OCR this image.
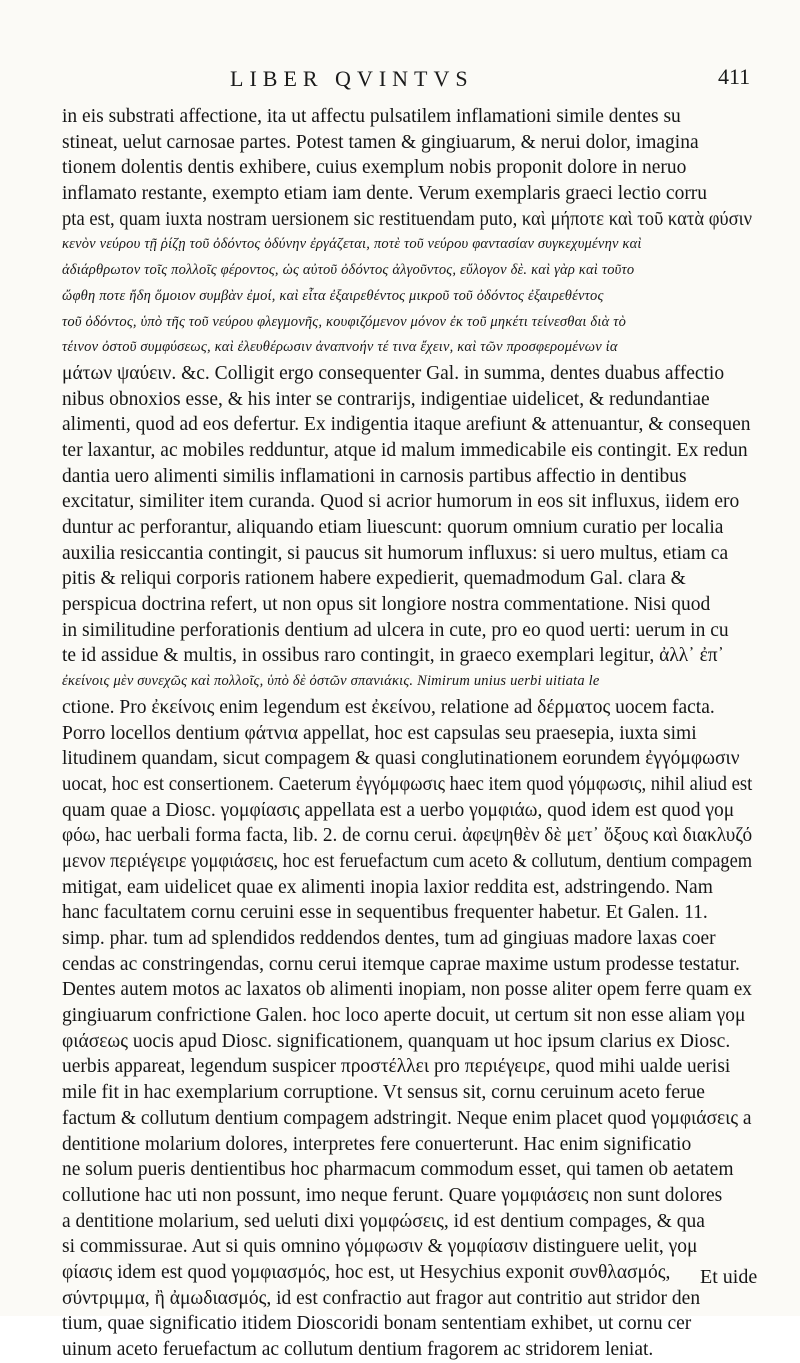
LIBER QVINTVS	411
in eis substrati affectione, ita ut affectu pulsatilem inflamationi simile dentes su
stineat, uelut carnosae partes. Potest tamen & gingiuarum, & nerui dolor, imagina
tionem dolentis dentis exhibere, cuius exemplum nobis proponit dolore in neruo
inflamato restante, exempto etiam iam dente. Verum exemplaris graeci lectio corru
pta est, quam iuxta nostram uersionem sic restituendam puto, καὶ μήποτε καὶ τοῦ κατὰ φύσιν
κενὸν νεύρου τῇ ῥίζῃ τοῦ ὀδόντος ὀδύνην ἐργάζεται, ποτὲ τοῦ νεύρου φαντασίαν συγκεχυμένην καὶ
ἀδιάρθρωτον τοῖς πολλοῖς φέροντος, ὡς αὐτοῦ ὀδόντος ἀλγοῦντος, εὔλογον δὲ. καὶ γὰρ καὶ τοῦτο
ὤφθη ποτε ἤδη ὅμοιον συμβὰν ἐμοί, καὶ εἶτα ἐξαιρεθέντος μικροῦ τοῦ ὀδόντος ἐξαιρεθέντος
τοῦ ὀδόντος, ὑπὸ τῆς τοῦ νεύρου φλεγμονῆς, κουφιζόμενον μόνον ἐκ τοῦ μηκέτι τείνεσθαι διὰ τὸ
τέινον ὀστοῦ συμφύσεως, καὶ ἐλευθέρωσιν ἀναπνοήν τέ τινα ἔχειν, καὶ τῶν προσφερομένων ἰα
μάτων ψαύειν. &c. Colligit ergo consequenter Gal. in summa, dentes duabus affectio
nibus obnoxios esse, & his inter se contrarijs, indigentiae uidelicet, & redundantiae
alimenti, quod ad eos defertur. Ex indigentia itaque arefiunt & attenuantur, & consequen
ter laxantur, ac mobiles redduntur, atque id malum immedicabile eis contingit. Ex redun
dantia uero alimenti similis inflamationi in carnosis partibus affectio in dentibus
excitatur, similiter item curanda. Quod si acrior humorum in eos sit influxus, iidem ero
duntur ac perforantur, aliquando etiam liuescunt: quorum omnium curatio per localia
auxilia resiccantia contingit, si paucus sit humorum influxus: si uero multus, etiam ca
pitis & reliqui corporis rationem habere expedierit, quemadmodum Gal. clara &
perspicua doctrina refert, ut non opus sit longiore nostra commentatione. Nisi quod
in similitudine perforationis dentium ad ulcera in cute, pro eo quod uerti: uerum in cu
te id assidue & multis, in ossibus raro contingit, in graeco exemplari legitur, ἀλλ᾽ ἐπ᾽
ἐκείνοις μὲν συνεχῶς καὶ πολλοῖς, ὑπὸ δὲ ὀστῶν σπανιάκις. Nimirum unius uerbi uitiata le
ctione. Pro ἐκείνοις enim legendum est ἐκείνου, relatione ad δέρματος uocem facta.
Porro locellos dentium φάτνια appellat, hoc est capsulas seu praesepia, iuxta simi
litudinem quandam, sicut compagem & quasi conglutinationem eorundem ἐγγόμφωσιν
uocat, hoc est consertionem. Caeterum ἐγγόμφωσις haec item quod γόμφωσις, nihil aliud est
quam quae a Diosc. γομφίασις appellata est a uerbo γομφιάω, quod idem est quod γομ
φόω, hac uerbali forma facta, lib. 2. de cornu cerui. ἀφεψηθὲν δὲ μετ᾽ ὄξους καὶ διακλυζό
μενον περιέγειρε γομφιάσεις, hoc est feruefactum cum aceto & collutum, dentium compagem
mitigat, eam uidelicet quae ex alimenti inopia laxior reddita est, adstringendo. Nam
hanc facultatem cornu ceruini esse in sequentibus frequenter habetur. Et Galen. 11.
simp. phar. tum ad splendidos reddendos dentes, tum ad gingiuas madore laxas coer
cendas ac constringendas, cornu cerui itemque caprae maxime ustum prodesse testatur.
Dentes autem motos ac laxatos ob alimenti inopiam, non posse aliter opem ferre quam ex
gingiuarum confrictione Galen. hoc loco aperte docuit, ut certum sit non esse aliam γομ
φιάσεως uocis apud Diosc. significationem, quanquam ut hoc ipsum clarius ex Diosc.
uerbis appareat, legendum suspicer προστέλλει pro περιέγειρε, quod mihi ualde uerisi
mile fit in hac exemplarium corruptione. Vt sensus sit, cornu ceruinum aceto ferue
factum & collutum dentium compagem adstringit. Neque enim placet quod γομφιάσεις a
dentitione molarium dolores, interpretes fere conuerterunt. Hac enim significatio
ne solum pueris dentientibus hoc pharmacum commodum esset, qui tamen ob aetatem
collutione hac uti non possunt, imo neque ferunt. Quare γομφιάσεις non sunt dolores
a dentitione molarium, sed ueluti dixi γομφώσεις, id est dentium compages, & qua
si commissurae. Aut si quis omnino γόμφωσιν & γομφίασιν distinguere uelit, γομ
φίασις idem est quod γομφιασμός, hoc est, ut Hesychius exponit συνθλασμός,
σύντριμμα, ἢ ἀμωδιασμός, id est confractio aut fragor aut contritio aut stridor den
tium, quae significatio itidem Dioscoridi bonam sententiam exhibet, ut cornu cer
uinum aceto feruefactum ac collutum dentium fragorem ac stridorem leniat.
Et uide
